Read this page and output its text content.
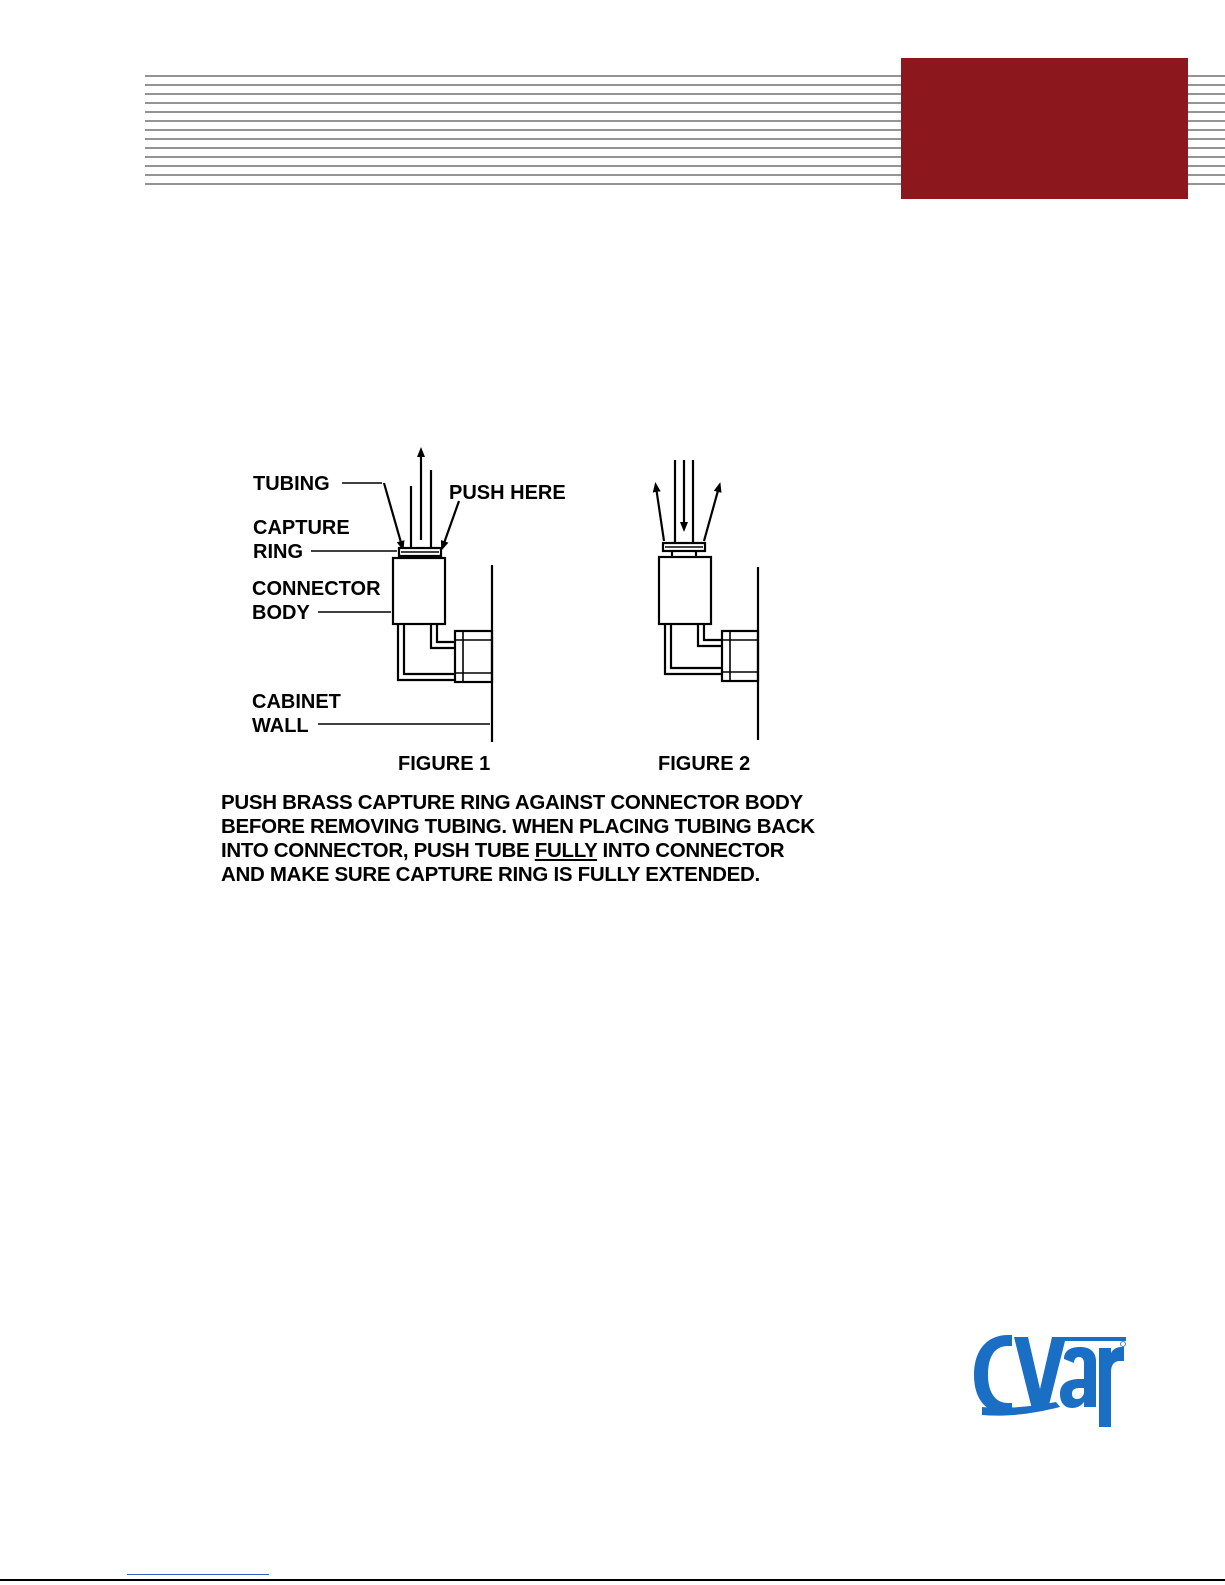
TUBING	PUSH HERE
CAPTURE
RING
CONNECTOR
BODY
CABINET
WALL
FIGURE 1	FIGURE 2
PUSH BRASS CAPTURE RING AGAINST CONNECTOR BODY
BEFORE REMOVING TUBING. WHEN PLACING TUBING BACK
INTO CONNECTOR, PUSH TUBE FULLY INTO CONNECTOR
AND MAKE SURE CAPTURE RING IS FULLY EXTENDED.
